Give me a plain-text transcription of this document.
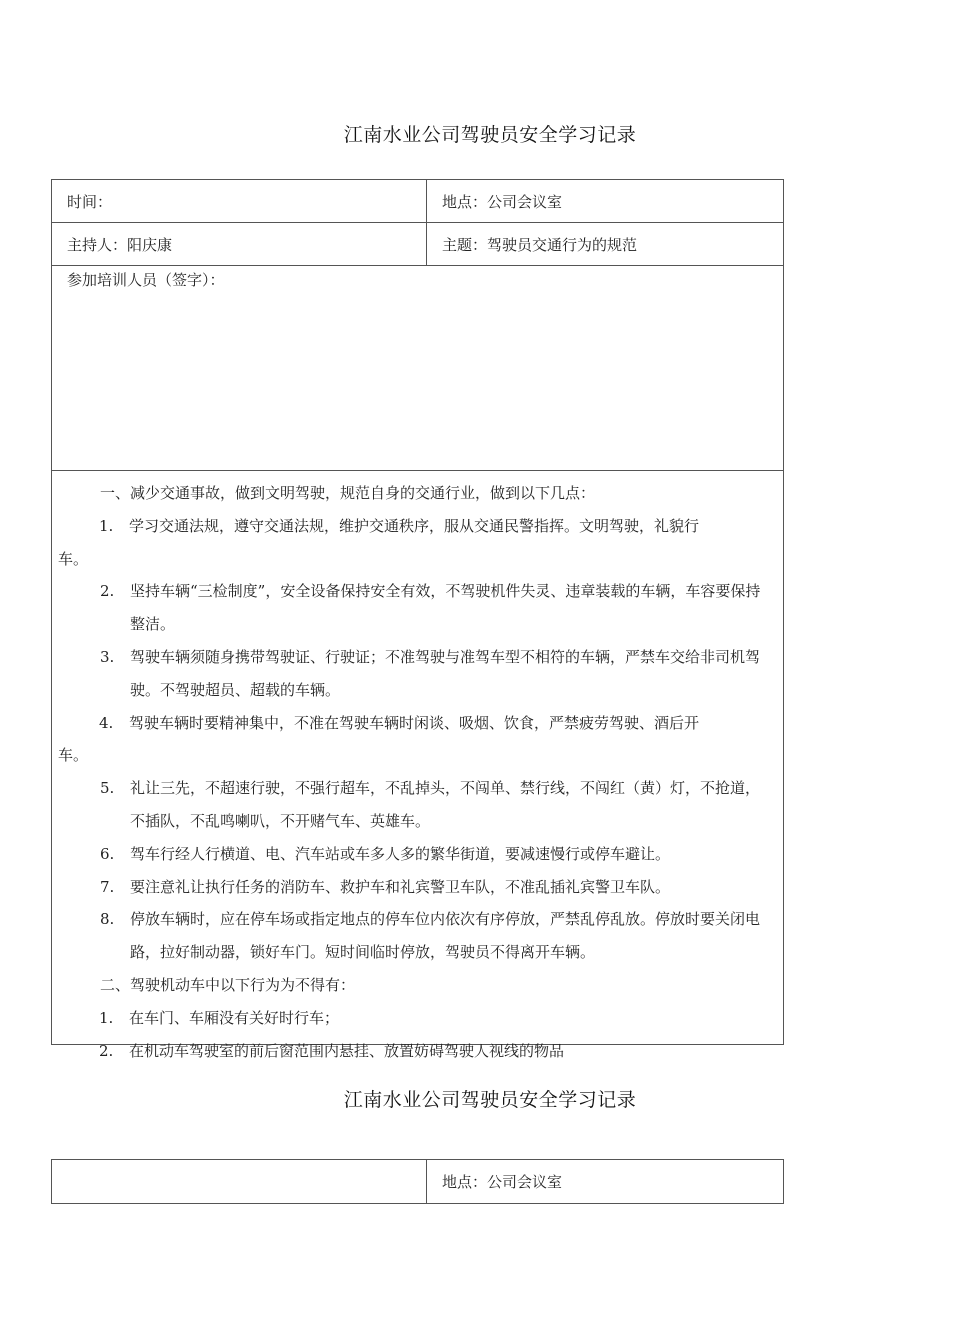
江南水业公司驾驶员安全学习记录
时间：	地点：公司会议室
主持人：阳庆康	主题：驾驶员交通行为的规范
参加培训人员（签字）：
一、减少交通事故，做到文明驾驶，规范自身的交通行业，做到以下几点：
1. 学习交通法规，遵守交通法规，维护交通秩序，服从交通民警指挥。文明驾驶，礼貌行
车。
2. 坚持车辆“三检制度”，安全设备保持安全有效，不驾驶机件失灵、违章装载的车辆，车容要保持整洁。
3. 驾驶车辆须随身携带驾驶证、行驶证；不准驾驶与准驾车型不相符的车辆，严禁车交给非司机驾驶。不驾驶超员、超载的车辆。
4. 驾驶车辆时要精神集中，不准在驾驶车辆时闲谈、吸烟、饮食，严禁疲劳驾驶、酒后开
车。
5. 礼让三先，不超速行驶，不强行超车，不乱掉头，不闯单、禁行线，不闯红（黄）灯，不抢道，不插队，不乱鸣喇叭，不开赌气车、英雄车。
6. 驾车行经人行横道、电、汽车站或车多人多的繁华街道，要减速慢行或停车避让。
7. 要注意礼让执行任务的消防车、救护车和礼宾警卫车队，不准乱插礼宾警卫车队。
8. 停放车辆时，应在停车场或指定地点的停车位内依次有序停放，严禁乱停乱放。停放时要关闭电路，拉好制动器，锁好车门。短时间临时停放，驾驶员不得离开车辆。
二、驾驶机动车中以下行为为不得有：
1. 在车门、车厢没有关好时行车；
2. 在机动车驾驶室的前后窗范围内悬挂、放置妨碍驾驶人视线的物品
江南水业公司驾驶员安全学习记录
地点：公司会议室
